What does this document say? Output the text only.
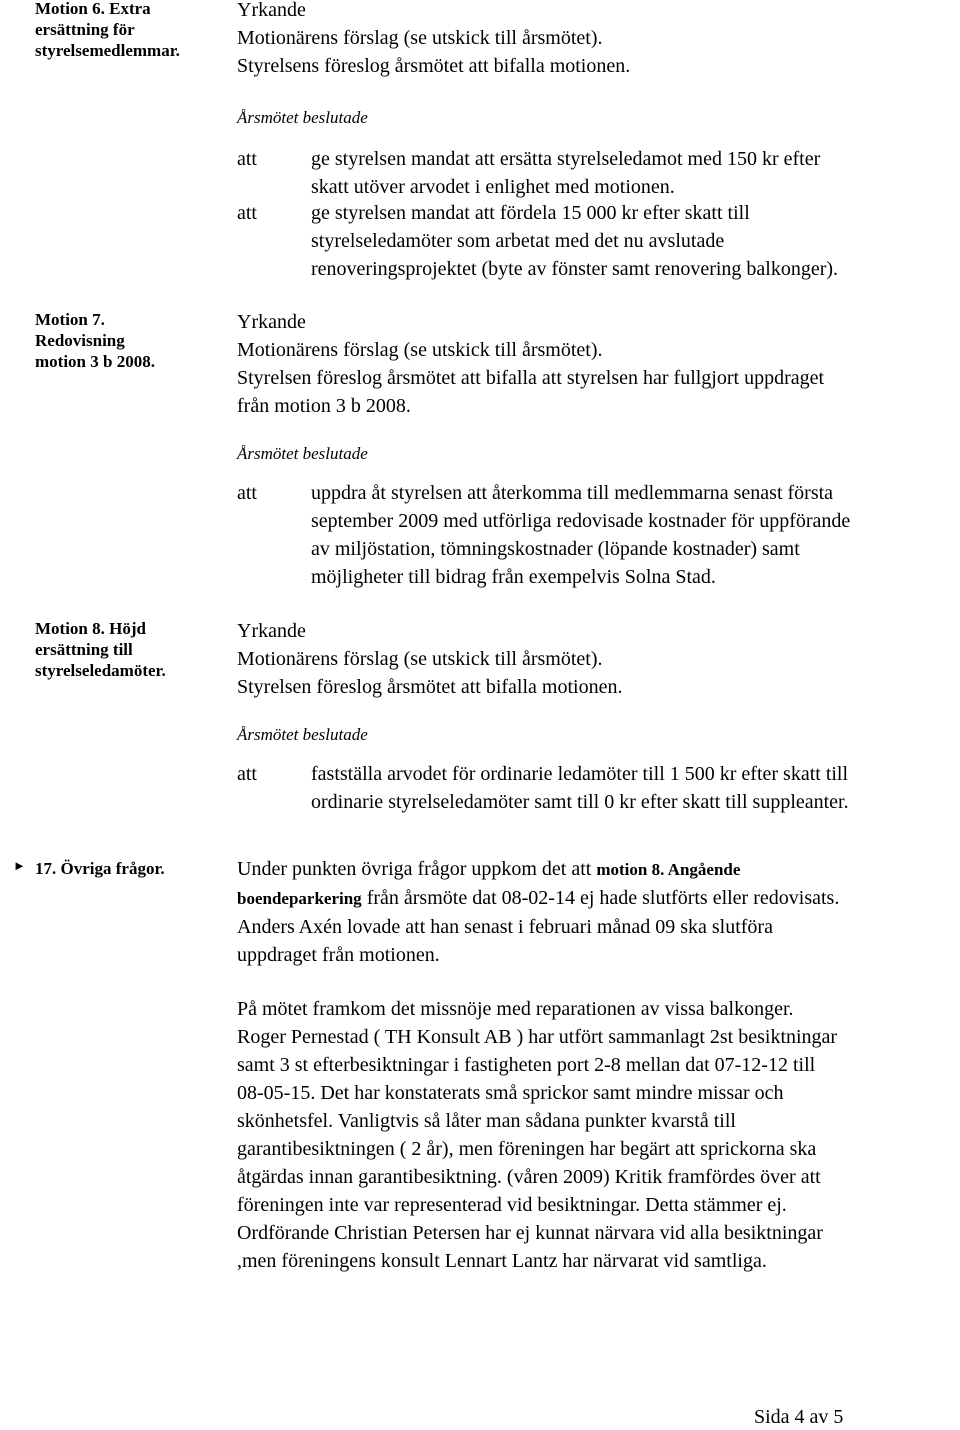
Motion 6. Extra
ersättning för
styrelsemedlemmar.
Yrkande
Motionärens förslag (se utskick till årsmötet).
Styrelsens föreslog årsmötet att bifalla motionen.
Årsmötet beslutade
att	ge styrelsen mandat att ersätta styrelseledamot med 150 kr efter
skatt utöver arvodet i enlighet med motionen.
att	ge styrelsen mandat att fördela 15 000 kr efter skatt till
styrelseledamöter som arbetat med det nu avslutade
renoveringsprojektet (byte av fönster samt renovering balkonger).
Motion 7.
Redovisning
motion 3 b 2008.
Yrkande
Motionärens förslag (se utskick till årsmötet).
Styrelsen föreslog årsmötet att bifalla att styrelsen har fullgjort uppdraget
från motion 3 b 2008.
Årsmötet beslutade
att	uppdra åt styrelsen att återkomma till medlemmarna senast första
september 2009 med utförliga redovisade kostnader för uppförande
av miljöstation, tömningskostnader (löpande kostnader) samt
möjligheter till bidrag från exempelvis Solna Stad.
Motion 8. Höjd
ersättning till
styrelseledamöter.
Yrkande
Motionärens förslag (se utskick till årsmötet).
Styrelsen föreslog årsmötet att bifalla motionen.
Årsmötet beslutade
att	fastställa arvodet för ordinarie ledamöter till 1 500 kr efter skatt till
ordinarie styrelseledamöter samt till 0 kr efter skatt till suppleanter.
► 17. Övriga frågor.	Under punkten övriga frågor uppkom det att motion 8. Angående
boendeparkering från årsmöte dat 08-02-14 ej hade slutförts eller redovisats.
Anders Axén lovade att han senast i februari månad 09 ska slutföra
uppdraget från motionen.
På mötet framkom det missnöje med reparationen av vissa balkonger.
Roger Pernestad ( TH Konsult AB ) har utfört sammanlagt 2st besiktningar
samt 3 st efterbesiktningar i fastigheten port 2-8 mellan dat 07-12-12 till
08-05-15. Det har konstaterats små sprickor samt mindre missar och
skönhetsfel. Vanligtvis så låter man sådana punkter kvarstå till
garantibesiktningen ( 2 år), men föreningen har begärt att sprickorna ska
åtgärdas innan garantibesiktning. (våren 2009) Kritik framfördes över att
föreningen inte var representerad vid besiktningar. Detta stämmer ej.
Ordförande Christian Petersen har ej kunnat närvara vid alla besiktningar
,men föreningens konsult Lennart Lantz har närvarat vid samtliga.
Sida 4 av 5
